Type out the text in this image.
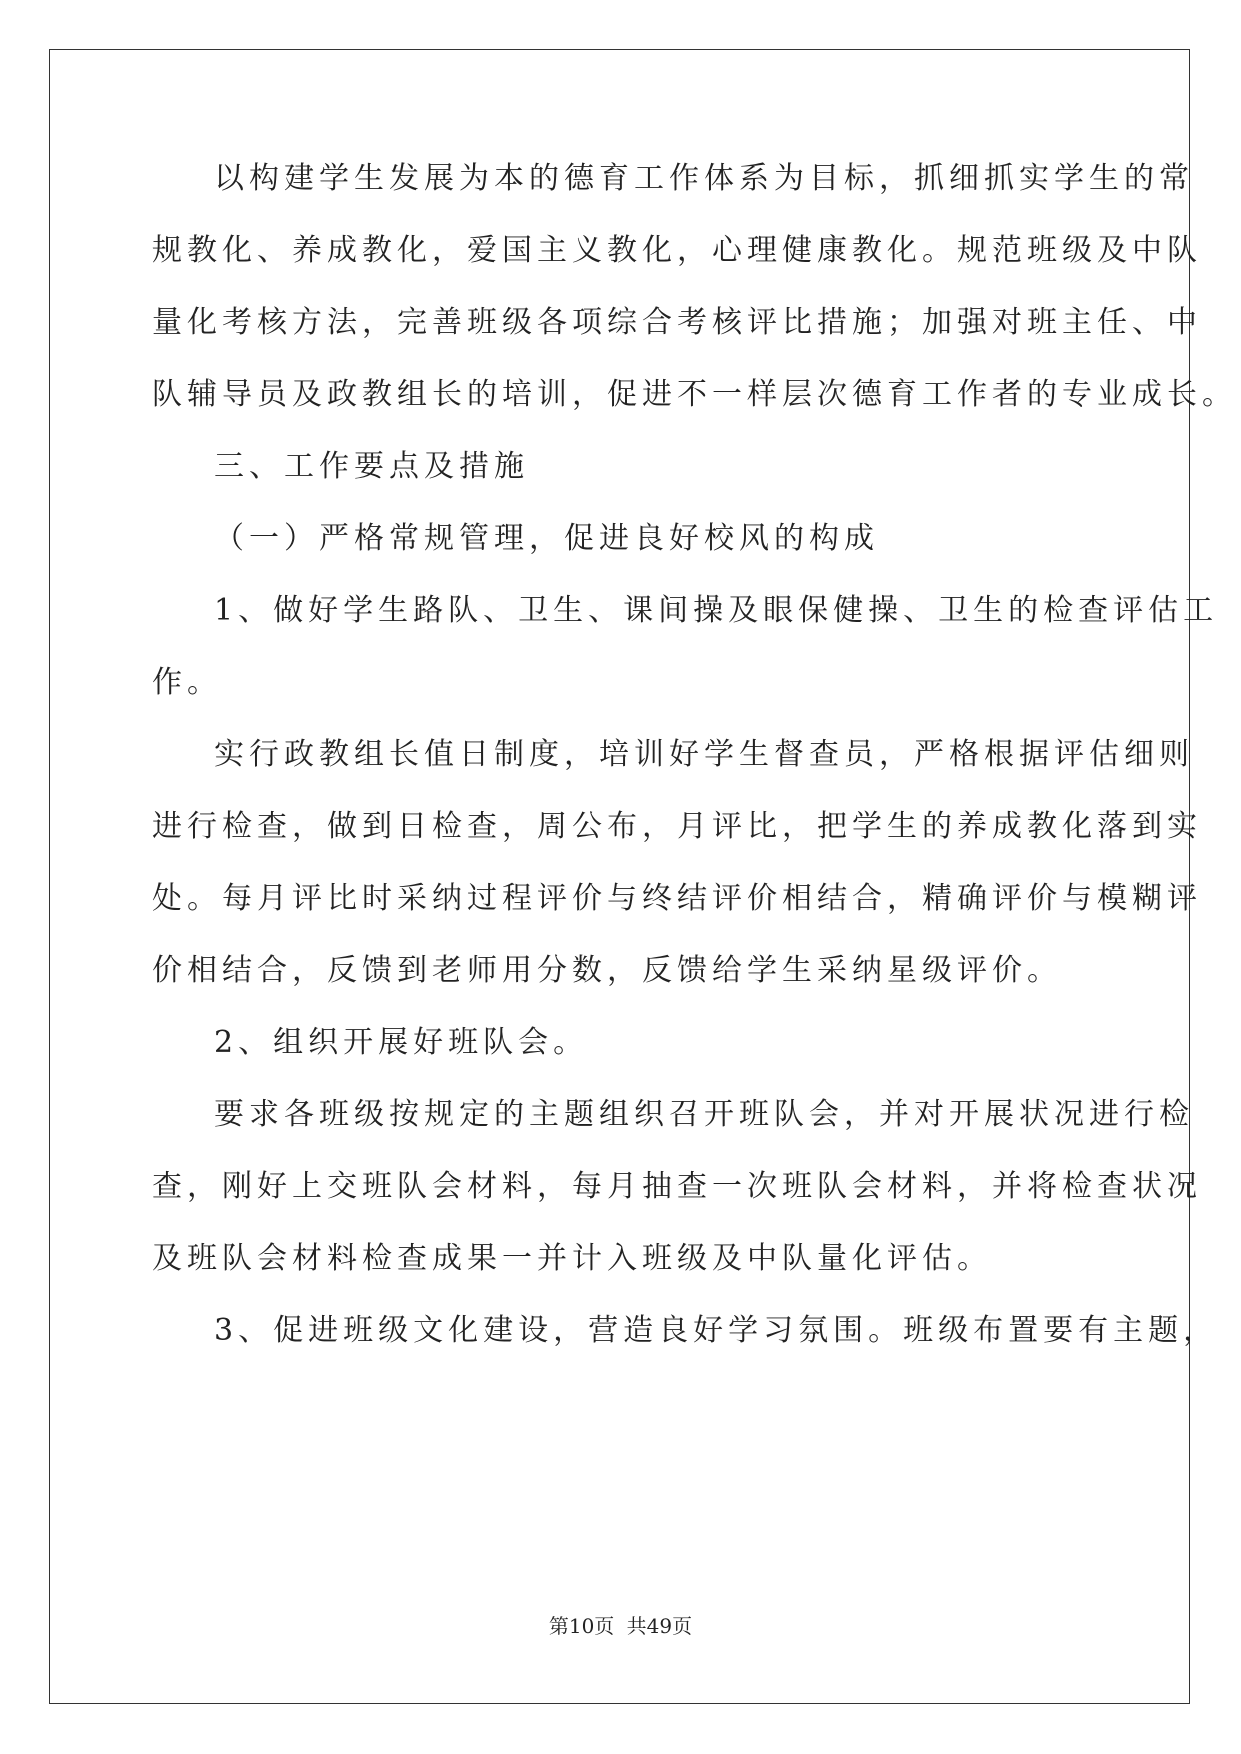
以构建学生发展为本的德育工作体系为目标，抓细抓实学生的常
规教化、养成教化，爱国主义教化，心理健康教化。规范班级及中队
量化考核方法，完善班级各项综合考核评比措施；加强对班主任、中
队辅导员及政教组长的培训，促进不一样层次德育工作者的专业成长。
三、工作要点及措施
（一）严格常规管理，促进良好校风的构成
1、做好学生路队、卫生、课间操及眼保健操、卫生的检查评估工
作。
实行政教组长值日制度，培训好学生督查员，严格根据评估细则
进行检查，做到日检查，周公布，月评比，把学生的养成教化落到实
处。每月评比时采纳过程评价与终结评价相结合，精确评价与模糊评
价相结合，反馈到老师用分数，反馈给学生采纳星级评价。
2、组织开展好班队会。
要求各班级按规定的主题组织召开班队会，并对开展状况进行检
查，刚好上交班队会材料，每月抽查一次班队会材料，并将检查状况
及班队会材料检查成果一并计入班级及中队量化评估。
3、促进班级文化建设，营造良好学习氛围。班级布置要有主题，
第10页 共49页
